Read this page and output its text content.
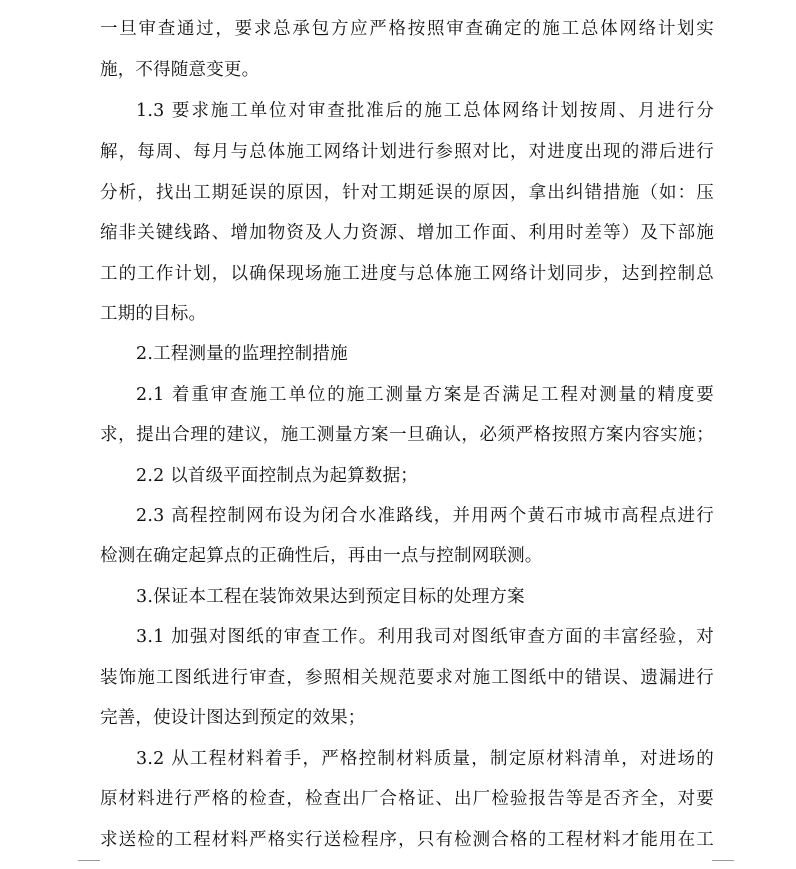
一旦审查通过，要求总承包方应严格按照审查确定的施工总体网络计划实
施，不得随意变更。
1.3 要求施工单位对审查批准后的施工总体网络计划按周、月进行分
解，每周、每月与总体施工网络计划进行参照对比，对进度出现的滞后进行
分析，找出工期延误的原因，针对工期延误的原因，拿出纠错措施（如：压
缩非关键线路、增加物资及人力资源、增加工作面、利用时差等）及下部施
工的工作计划，以确保现场施工进度与总体施工网络计划同步，达到控制总
工期的目标。
2.工程测量的监理控制措施
2.1 着重审查施工单位的施工测量方案是否满足工程对测量的精度要
求，提出合理的建议，施工测量方案一旦确认，必须严格按照方案内容实施；
2.2 以首级平面控制点为起算数据；
2.3 高程控制网布设为闭合水准路线，并用两个黄石市城市高程点进行
检测在确定起算点的正确性后，再由一点与控制网联测。
3.保证本工程在装饰效果达到预定目标的处理方案
3.1 加强对图纸的审查工作。利用我司对图纸审查方面的丰富经验，对
装饰施工图纸进行审查，参照相关规范要求对施工图纸中的错误、遗漏进行
完善，使设计图达到预定的效果；
3.2 从工程材料着手，严格控制材料质量，制定原材料清单，对进场的
原材料进行严格的检查，检查出厂合格证、出厂检验报告等是否齐全，对要
求送检的工程材料严格实行送检程序，只有检测合格的工程材料才能用在工
